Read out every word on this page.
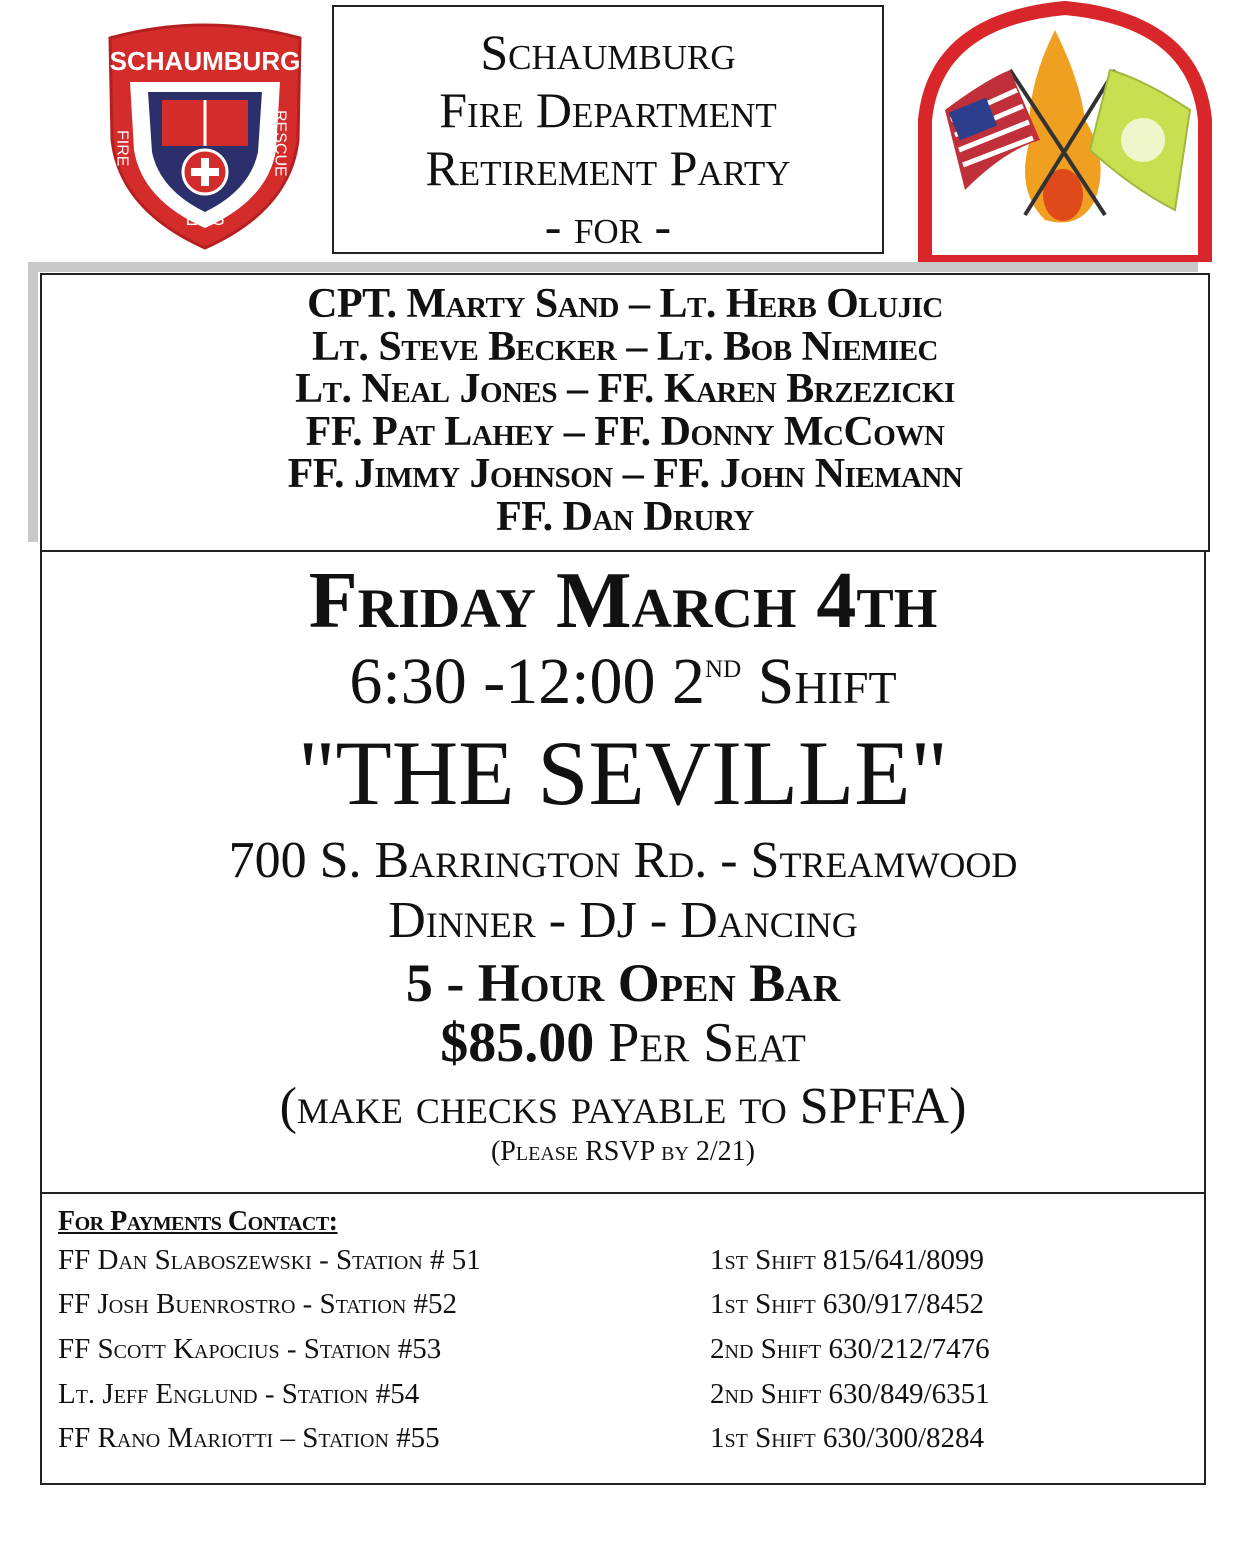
SCHAUMBURG
FIRE	RESCUE
EMS
Schaumburg
Fire Department
Retirement Party
- for -
CPT. Marty Sand – Lt. Herb Olujic
Lt. Steve Becker – Lt. Bob Niemiec
Lt. Neal Jones – FF. Karen Brzezicki
FF. Pat Lahey – FF. Donny McCown
FF. Jimmy Johnson – FF. John Niemann
FF. Dan Drury
Friday March 4th
6:30 -12:00 2nd Shift
"THE SEVILLE"
700 S. Barrington Rd. - Streamwood
Dinner - DJ - Dancing
5 - Hour Open Bar
$85.00 Per Seat
(make checks payable to SPFFA)
(Please RSVP by 2/21)
For Payments Contact:
FF Dan Slaboszewski - Station # 51	1st Shift 815/641/8099
FF Josh Buenrostro - Station #52	1st Shift 630/917/8452
FF Scott Kapocius - Station #53	2nd Shift 630/212/7476
Lt. Jeff Englund - Station #54	2nd Shift 630/849/6351
FF Rano Mariotti – Station #55	1st Shift 630/300/8284
